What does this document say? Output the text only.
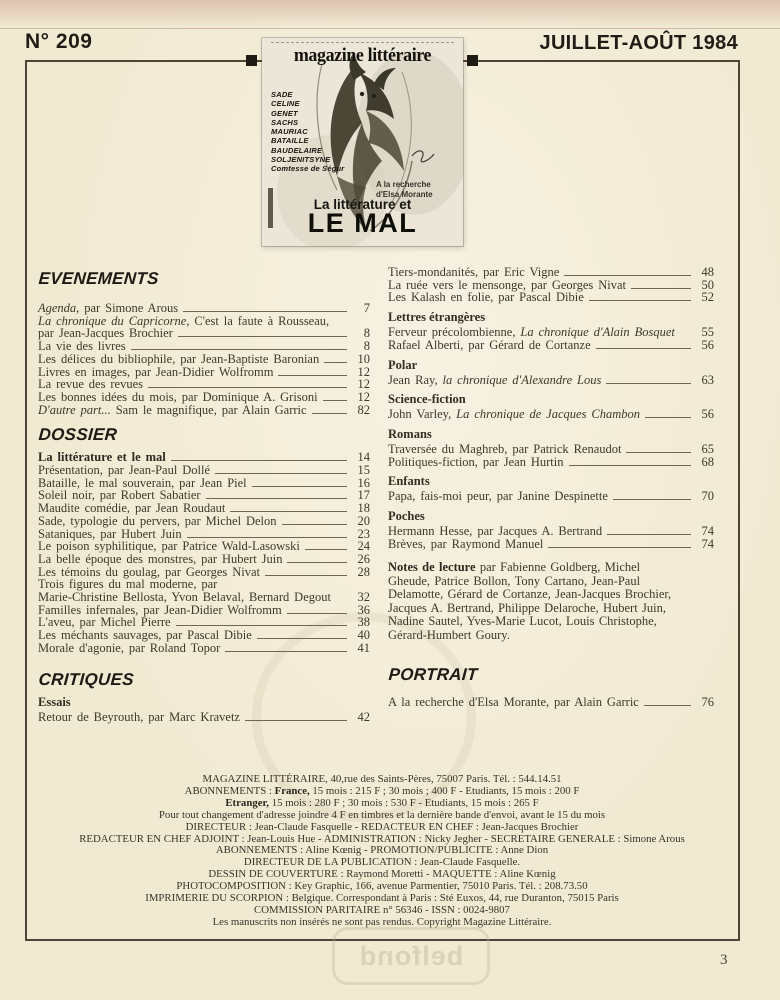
N° 209	JUILLET-AOÛT 1984
magazine littéraire
SADE
CELINE
GENET
SACHS
MAURIAC
BATAILLE
BAUDELAIRE
SOLJENITSYNE
Comtesse de Ségur
A la recherche
d'Elsa Morante
La littérature et
LE MAL
EVENEMENTS
Agenda, par Simone Arous	7
La chronique du Capricorne, C'est la faute à Rousseau,
par Jean-Jacques Brochier	8
La vie des livres	8
Les délices du bibliophile, par Jean-Baptiste Baronian	10
Livres en images, par Jean-Didier Wolfromm	12
La revue des revues	12
Les bonnes idées du mois, par Dominique A. Grisoni	12
D'autre part... Sam le magnifique, par Alain Garric	82
DOSSIER
La littérature et le mal	14
Présentation, par Jean-Paul Dollé	15
Bataille, le mal souverain, par Jean Piel	16
Soleil noir, par Robert Sabatier	17
Maudite comédie, par Jean Roudaut	18
Sade, typologie du pervers, par Michel Delon	20
Sataniques, par Hubert Juin	23
Le poison syphilitique, par Patrice Wald-Lasowski	24
La belle époque des monstres, par Hubert Juin	26
Les témoins du goulag, par Georges Nivat	28
Trois figures du mal moderne, par
Marie-Christine Bellosta, Yvon Belaval, Bernard Degout	32
Familles infernales, par Jean-Didier Wolfromm	36
L'aveu, par Michel Pierre	38
Les méchants sauvages, par Pascal Dibie	40
Morale d'agonie, par Roland Topor	41
CRITIQUES
Essais
Retour de Beyrouth, par Marc Kravetz	42
Tiers-mondanités, par Eric Vigne	48
La ruée vers le mensonge, par Georges Nivat	50
Les Kalash en folie, par Pascal Dibie	52
Lettres étrangères
Ferveur précolombienne, La chronique d'Alain Bosquet	55
Rafael Alberti, par Gérard de Cortanze	56
Polar
Jean Ray, la chronique d'Alexandre Lous	63
Science-fiction
John Varley, La chronique de Jacques Chambon	56
Romans
Traversée du Maghreb, par Patrick Renaudot	65
Politiques-fiction, par Jean Hurtin	68
Enfants
Papa, fais-moi peur, par Janine Despinette	70
Poches
Hermann Hesse, par Jacques A. Bertrand	74
Brèves, par Raymond Manuel	74
Notes de lecture par Fabienne Goldberg, Michel Gheude, Patrice Bollon, Tony Cartano, Jean-Paul Delamotte, Gérard de Cortanze, Jean-Jacques Brochier, Jacques A. Bertrand, Philippe Delaroche, Hubert Juin, Nadine Sautel, Yves-Marie Lucot, Louis Christophe, Gérard-Humbert Goury.
PORTRAIT
A la recherche d'Elsa Morante, par Alain Garric	76
MAGAZINE LITTÉRAIRE, 40,rue des Saints-Pères, 75007 Paris. Tél. : 544.14.51
ABONNEMENTS : France, 15 mois : 215 F ; 30 mois ; 400 F - Etudiants, 15 mois : 200 F
Etranger, 15 mois : 280 F ; 30 mois : 530 F - Etudiants, 15 mois : 265 F
Pour tout changement d'adresse joindre 4 F en timbres et la dernière bande d'envoi, avant le 15 du mois
DIRECTEUR : Jean-Claude Fasquelle - REDACTEUR EN CHEF : Jean-Jacques Brochier
REDACTEUR EN CHEF ADJOINT : Jean-Louis Hue - ADMINISTRATION : Nicky Jegher - SECRETAIRE GENERALE : Simone Arous
ABONNEMENTS : Aline Kœnig - PROMOTION/PUBLICITE : Anne Dion
DIRECTEUR DE LA PUBLICATION : Jean-Claude Fasquelle.
DESSIN DE COUVERTURE : Raymond Moretti - MAQUETTE : Aline Kœnig
PHOTOCOMPOSITION : Key Graphic, 166, avenue Parmentier, 75010 Paris. Tél. : 208.73.50
IMPRIMERIE DU SCORPION : Belgique. Correspondant à Paris : Sté Euxos, 44, rue Duranton, 75015 Paris
COMMISSION PARITAIRE n° 56346 - ISSN : 0024-9807
Les manuscrits non insérés ne sont pas rendus. Copyright Magazine Littéraire.
belfond	3
